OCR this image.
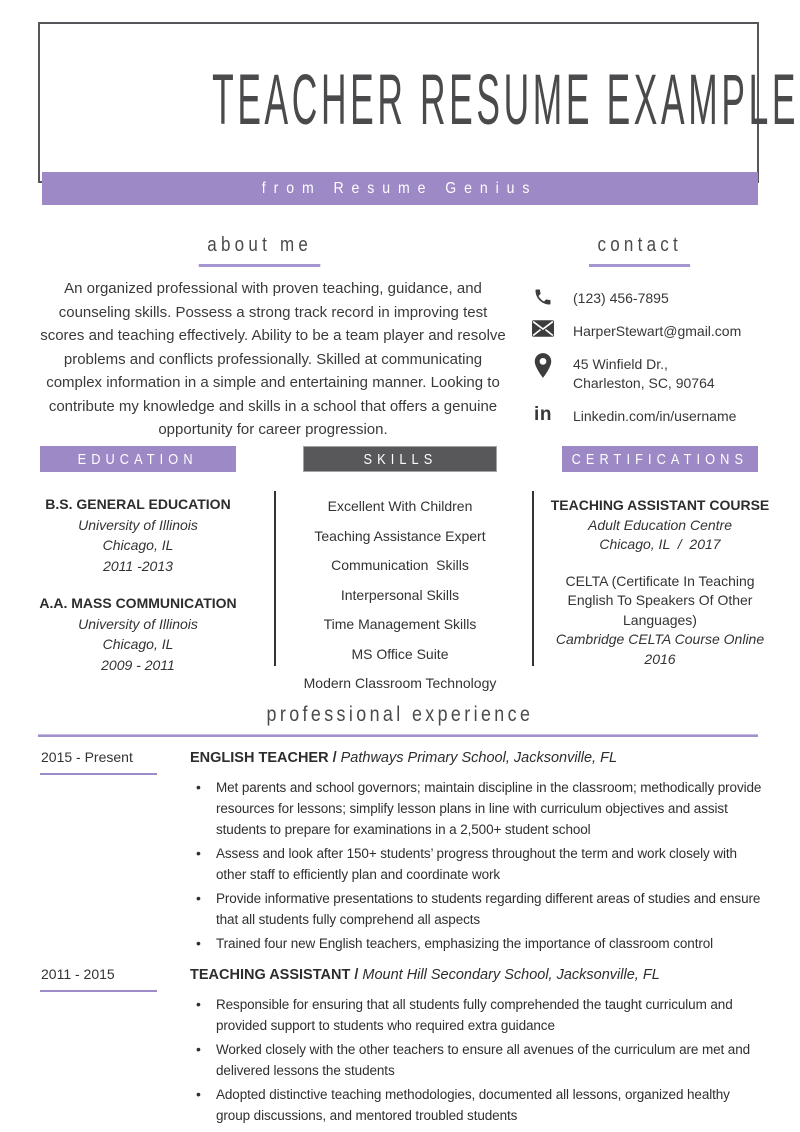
TEACHER RESUME EXAMPLE
from Resume Genius
about me

An organized professional with proven teaching, guidance, and counseling skills. Possess a strong track record in improving test scores and teaching effectively. Ability to be a team player and resolve problems and conflicts professionally. Skilled at communicating complex information in a simple and entertaining manner. Looking to contribute my knowledge and skills in a school that offers a genuine opportunity for career progression.

contact
(123) 456-7895
HarperStewart@gmail.com
45 Winfield Dr.,
Charleston, SC, 90764
in Linkedin.com/in/username
EDUCATION	SKILLS	CERTIFICATIONS
B.S. GENERAL EDUCATION
University of Illinois
Chicago, IL
2011 -2013
A.A. MASS COMMUNICATION
University of Illinois
Chicago, IL
2009 - 2011
Excellent With Children
Teaching Assistance Expert
Communication  Skills
Interpersonal Skills
Time Management Skills
MS Office Suite
Modern Classroom Technology
TEACHING ASSISTANT COURSE
Adult Education Centre
Chicago, IL  /  2017
CELTA (Certificate In Teaching English To Speakers Of Other Languages)
Cambridge CELTA Course Online
2016
professional experience
2015 - Present	ENGLISH TEACHER / Pathways Primary School, Jacksonville, FL
• Met parents and school governors; maintain discipline in the classroom; methodically provide resources for lessons; simplify lesson plans in line with curriculum objectives and assist students to prepare for examinations in a 2,500+ student school
• Assess and look after 150+ students’ progress throughout the term and work closely with other staff to efficiently plan and coordinate work
• Provide informative presentations to students regarding different areas of studies and ensure that all students fully comprehend all aspects
• Trained four new English teachers, emphasizing the importance of classroom control
2011 - 2015	TEACHING ASSISTANT / Mount Hill Secondary School, Jacksonville, FL
• Responsible for ensuring that all students fully comprehended the taught curriculum and provided support to students who required extra guidance
• Worked closely with the other teachers to ensure all avenues of the curriculum are met and delivered lessons the students
• Adopted distinctive teaching methodologies, documented all lessons, organized healthy group discussions, and mentored troubled students
